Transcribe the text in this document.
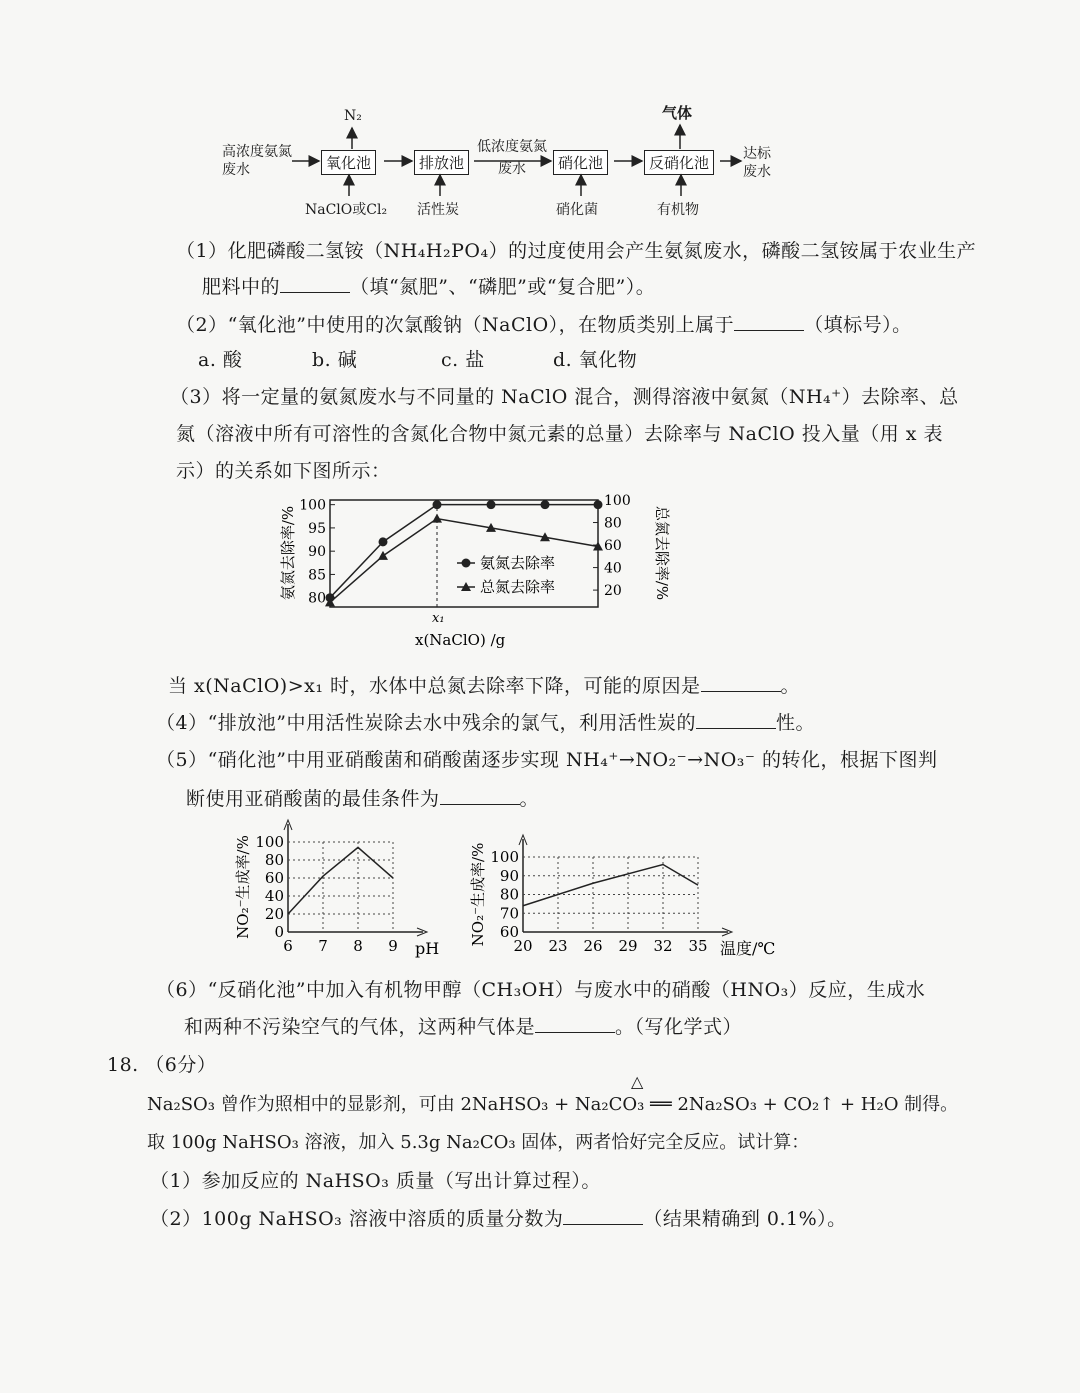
高浓度氨氮废水
N₂	气体
氧化池	排放池	硝化池	反硝化池
低浓度氨氮废水
达标废水
NaClO或Cl₂ 活性炭	硝化菌	有机物
（1）化肥磷酸二氢铵（NH₄H₂PO₄）的过度使用会产生氨氮废水，磷酸二氢铵属于农业生产
肥料中的	（填“氮肥”、“磷肥”或“复合肥”）。
（2）“氧化池”中使用的次氯酸钠（NaClO），在物质类别上属于	（填标号）。
a. 酸	b. 碱	c. 盐	d. 氧化物
（3）将一定量的氨氮废水与不同量的 NaClO 混合，测得溶液中氨氮（NH₄⁺）去除率、总
氮（溶液中所有可溶性的含氮化合物中氮元素的总量）去除率与 NaClO 投入量（用 x 表
示）的关系如下图所示：
80
85
90
95
100
20
40
60
80
100
x₁
x(NaClO) /g
氨氮去除率/%	总氮去除率/%
氨氮去除率
总氮去除率
当 x(NaClO)>x₁ 时，水体中总氮去除率下降，可能的原因是	。
（4）“排放池”中用活性炭除去水中残余的氯气，利用活性炭的	性。
（5）“硝化池”中用亚硝酸菌和硝酸菌逐步实现 NH₄⁺→NO₂⁻→NO₃⁻ 的转化，根据下图判
断使用亚硝酸菌的最佳条件为	。
0
20
40
60
80
100
6 7 8 9 pH
NO₂⁻生成率/%	60
70
80
90
100
20 23 26 29 32 35 温度/℃
NO₂⁻生成率/%
（6）“反硝化池”中加入有机物甲醇（CH₃OH）与废水中的硝酸（HNO₃）反应，生成水
和两种不污染空气的气体，这两种气体是	。（写化学式）
18. （6分）
△
Na₂SO₃ 曾作为照相中的显影剂，可由 2NaHSO₃ + Na₂CO₃ ══ 2Na₂SO₃ + CO₂↑ + H₂O 制得。
取 100g NaHSO₃ 溶液，加入 5.3g Na₂CO₃ 固体，两者恰好完全反应。试计算：
（1）参加反应的 NaHSO₃ 质量（写出计算过程）。
（2）100g NaHSO₃ 溶液中溶质的质量分数为	（结果精确到 0.1%）。
